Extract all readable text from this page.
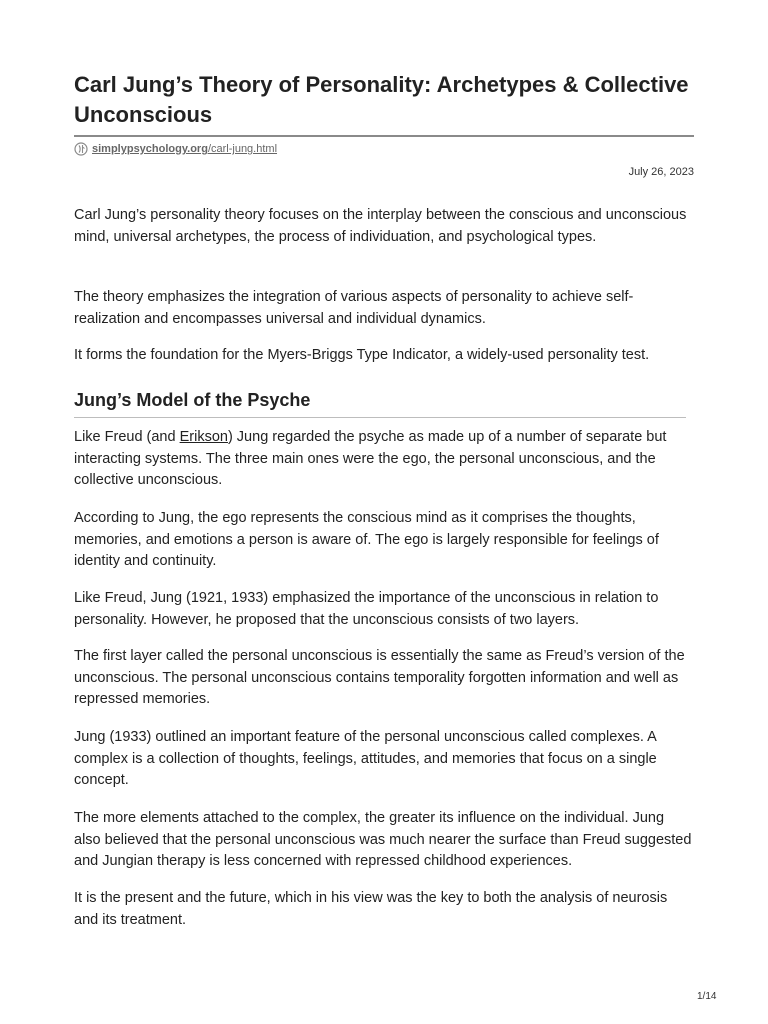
Carl Jung’s Theory of Personality: Archetypes & Collective Unconscious
simplypsychology.org/carl-jung.html
July 26, 2023

Carl Jung’s personality theory focuses on the interplay between the conscious and unconscious mind, universal archetypes, the process of individuation, and psychological types.

The theory emphasizes the integration of various aspects of personality to achieve self-realization and encompasses universal and individual dynamics.

It forms the foundation for the Myers-Briggs Type Indicator, a widely-used personality test.

Jung’s Model of the Psyche

Like Freud (and Erikson) Jung regarded the psyche as made up of a number of separate but interacting systems. The three main ones were the ego, the personal unconscious, and the collective unconscious.

According to Jung, the ego represents the conscious mind as it comprises the thoughts, memories, and emotions a person is aware of. The ego is largely responsible for feelings of identity and continuity.

Like Freud, Jung (1921, 1933) emphasized the importance of the unconscious in relation to personality. However, he proposed that the unconscious consists of two layers.

The first layer called the personal unconscious is essentially the same as Freud’s version of the unconscious. The personal unconscious contains temporality forgotten information and well as repressed memories.

Jung (1933) outlined an important feature of the personal unconscious called complexes. A complex is a collection of thoughts, feelings, attitudes, and memories that focus on a single concept.

The more elements attached to the complex, the greater its influence on the individual. Jung also believed that the personal unconscious was much nearer the surface than Freud suggested and Jungian therapy is less concerned with repressed childhood experiences.

It is the present and the future, which in his view was the key to both the analysis of neurosis and its treatment.

1/14
